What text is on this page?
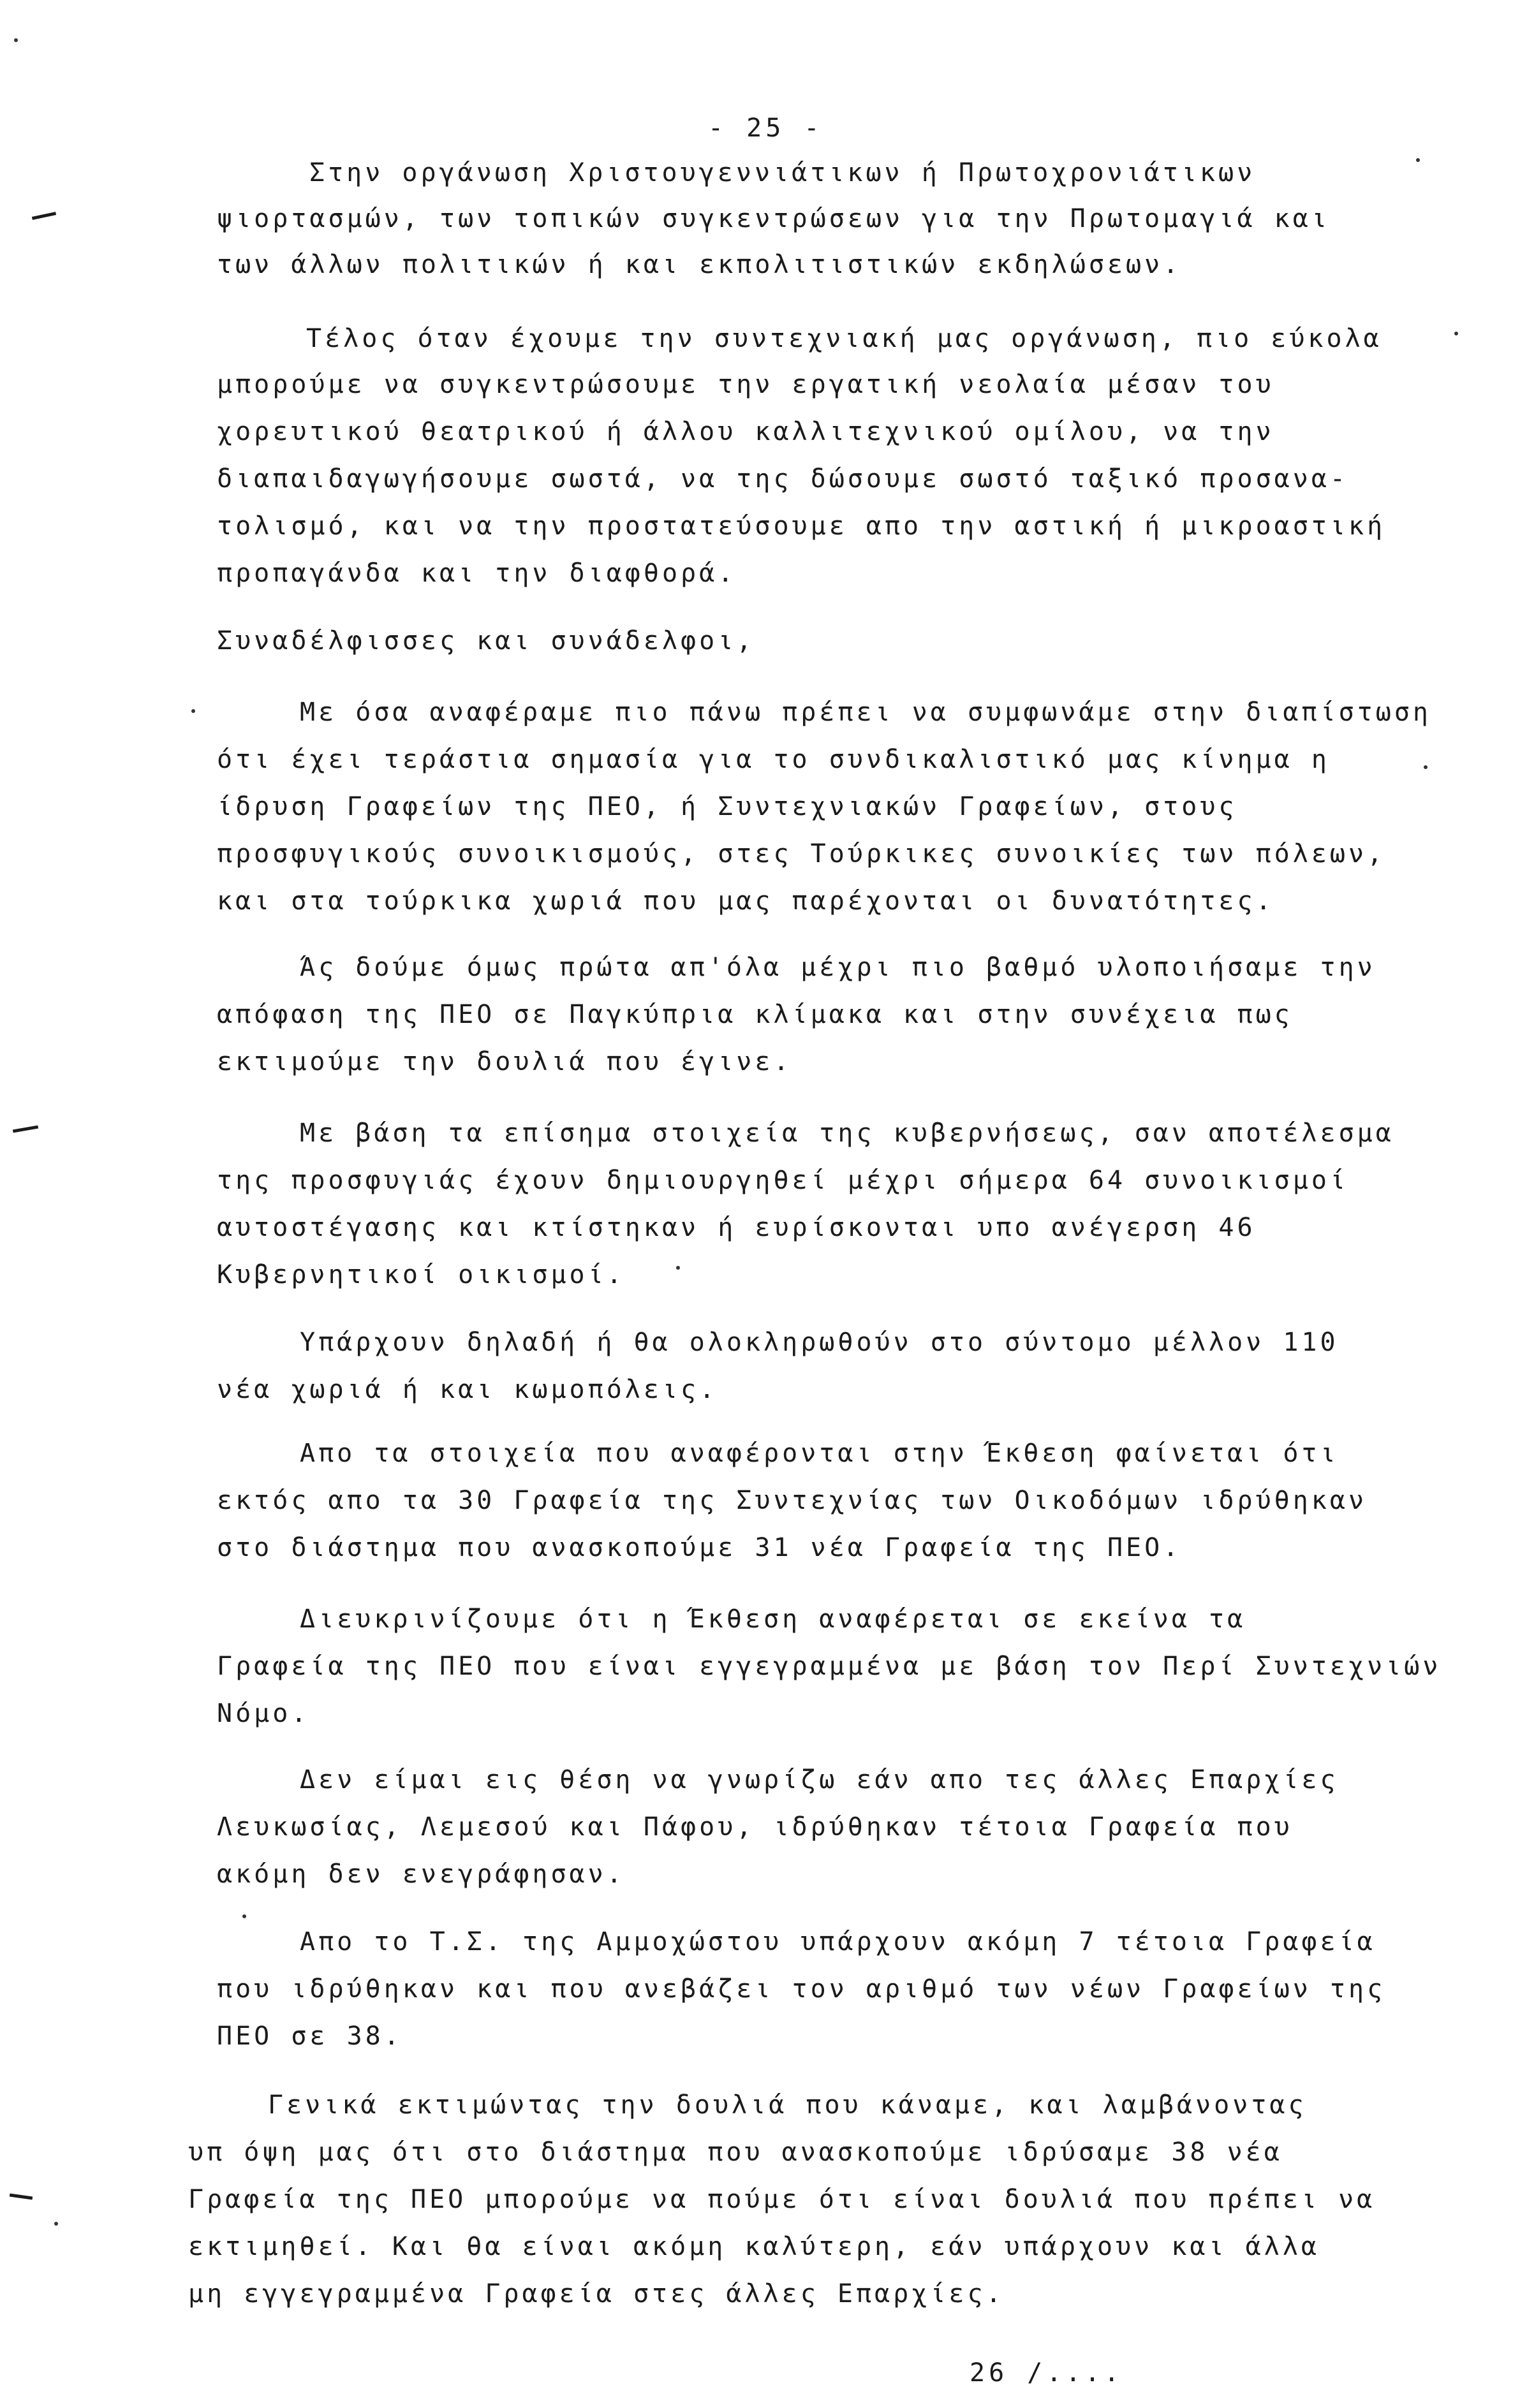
- 25 -
Στην οργάνωση Χριστουγεννιάτικων ή Πρωτοχρονιάτικων
ψιορτασμών, των τοπικών συγκεντρώσεων για την Πρωτομαγιά και
των άλλων πολιτικών ή και εκπολιτιστικών εκδηλώσεων.
Τέλος όταν έχουμε την συντεχνιακή μας οργάνωση, πιο εύκολα
μπορούμε να συγκεντρώσουμε την εργατική νεολαία μέσαν του
χορευτικού θεατρικού ή άλλου καλλιτεχνικού ομίλου, να την
διαπαιδαγωγήσουμε σωστά, να της δώσουμε σωστό ταξικό προσανα-
τολισμό, και να την προστατεύσουμε απο την αστική ή μικροαστική
προπαγάνδα και την διαφθορά.
Συναδέλφισσες και συνάδελφοι,
Με όσα αναφέραμε πιο πάνω πρέπει να συμφωνάμε στην διαπίστωση
ότι έχει τεράστια σημασία για το συνδικαλιστικό μας κίνημα η
ίδρυση Γραφείων της ΠΕΟ, ή Συντεχνιακών Γραφείων, στους
προσφυγικούς συνοικισμούς, στες Τούρκικες συνοικίες των πόλεων,
και στα τούρκικα χωριά που μας παρέχονται οι δυνατότητες.
Άς δούμε όμως πρώτα απ'όλα μέχρι πιο βαθμό υλοποιήσαμε την
απόφαση της ΠΕΟ σε Παγκύπρια κλίμακα και στην συνέχεια πως
εκτιμούμε την δουλιά που έγινε.
Με βάση τα επίσημα στοιχεία της κυβερνήσεως, σαν αποτέλεσμα
της προσφυγιάς έχουν δημιουργηθεί μέχρι σήμερα 64 συνοικισμοί
αυτοστέγασης και κτίστηκαν ή ευρίσκονται υπο ανέγερση 46
Κυβερνητικοί οικισμοί.
Υπάρχουν δηλαδή ή θα ολοκληρωθούν στο σύντομο μέλλον 110
νέα χωριά ή και κωμοπόλεις.
Απο τα στοιχεία που αναφέρονται στην Έκθεση φαίνεται ότι
εκτός απο τα 30 Γραφεία της Συντεχνίας των Οικοδόμων ιδρύθηκαν
στο διάστημα που ανασκοπούμε 31 νέα Γραφεία της ΠΕΟ.
Διευκρινίζουμε ότι η Έκθεση αναφέρεται σε εκείνα τα
Γραφεία της ΠΕΟ που είναι εγγεγραμμένα με βάση τον Περί Συντεχνιών
Νόμο.
Δεν είμαι εις θέση να γνωρίζω εάν απο τες άλλες Επαρχίες
Λευκωσίας, Λεμεσού και Πάφου, ιδρύθηκαν τέτοια Γραφεία που
ακόμη δεν ενεγράφησαν.
Απο το Τ.Σ. της Αμμοχώστου υπάρχουν ακόμη 7 τέτοια Γραφεία
που ιδρύθηκαν και που ανεβάζει τον αριθμό των νέων Γραφείων της
ΠΕΟ σε 38.
Γενικά εκτιμώντας την δουλιά που κάναμε, και λαμβάνοντας
υπ όψη μας ότι στο διάστημα που ανασκοπούμε ιδρύσαμε 38 νέα
Γραφεία της ΠΕΟ μπορούμε να πούμε ότι είναι δουλιά που πρέπει να
εκτιμηθεί. Και θα είναι ακόμη καλύτερη, εάν υπάρχουν και άλλα
μη εγγεγραμμένα Γραφεία στες άλλες Επαρχίες.
26 /....
